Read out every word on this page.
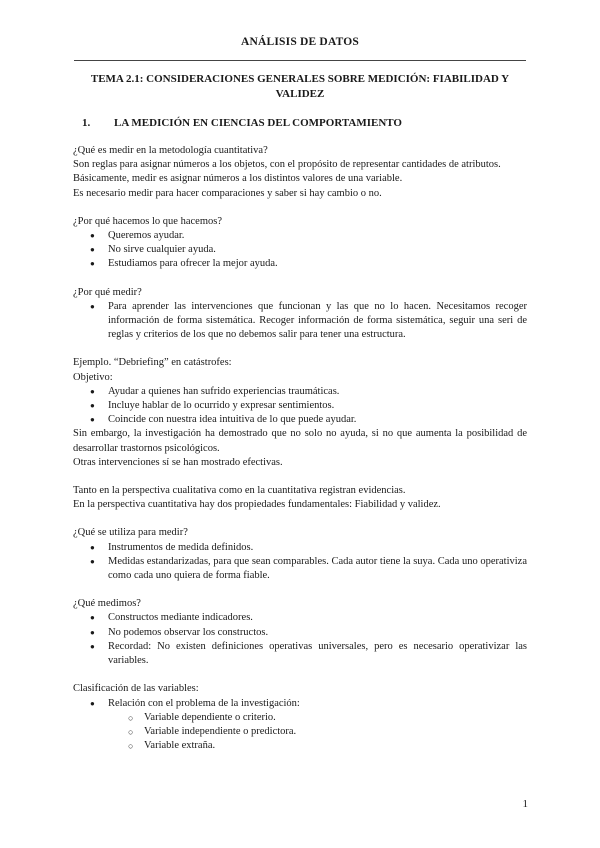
ANÁLISIS DE DATOS
TEMA 2.1: CONSIDERACIONES GENERALES SOBRE MEDICIÓN: FIABILIDAD Y VALIDEZ
1. LA MEDICIÓN EN CIENCIAS DEL COMPORTAMIENTO

¿Qué es medir en la metodología cuantitativa?

Son reglas para asignar números a los objetos, con el propósito de representar cantidades de atributos.

Básicamente, medir es asignar números a los distintos valores de una variable.

Es necesario medir para hacer comparaciones y saber si hay cambio o no.

¿Por qué hacemos lo que hacemos?

● Queremos ayudar.
● No sirve cualquier ayuda.
● Estudiamos para ofrecer la mejor ayuda.

¿Por qué medir?

● Para aprender las intervenciones que funcionan y las que no lo hacen. Necesitamos recoger información de forma sistemática. Recoger información de forma sistemática, seguir una seri de reglas y criterios de los que no debemos salir para tener una estructura.

Ejemplo. “Debriefing” en catástrofes:

Objetivo:

● Ayudar a quienes han sufrido experiencias traumáticas.
● Incluye hablar de lo ocurrido y expresar sentimientos.
● Coincide con nuestra idea intuitiva de lo que puede ayudar.

Sin embargo, la investigación ha demostrado que no solo no ayuda, si no que aumenta la posibilidad de desarrollar trastornos psicológicos.

Otras intervenciones sí se han mostrado efectivas.

Tanto en la perspectiva cualitativa como en la cuantitativa registran evidencias.

En la perspectiva cuantitativa hay dos propiedades fundamentales: Fiabilidad y validez.

¿Qué se utiliza para medir?

● Instrumentos de medida definidos.
● Medidas estandarizadas, para que sean comparables. Cada autor tiene la suya. Cada uno operativiza como cada uno quiera de forma fiable.

¿Qué medimos?

● Constructos mediante indicadores.
● No podemos observar los constructos.
● Recordad: No existen definiciones operativas universales, pero es necesario operativizar las variables.

Clasificación de las variables:

● Relación con el problema de la investigación:
○ Variable dependiente o criterio.
○ Variable independiente o predictora.
○ Variable extraña.
1
